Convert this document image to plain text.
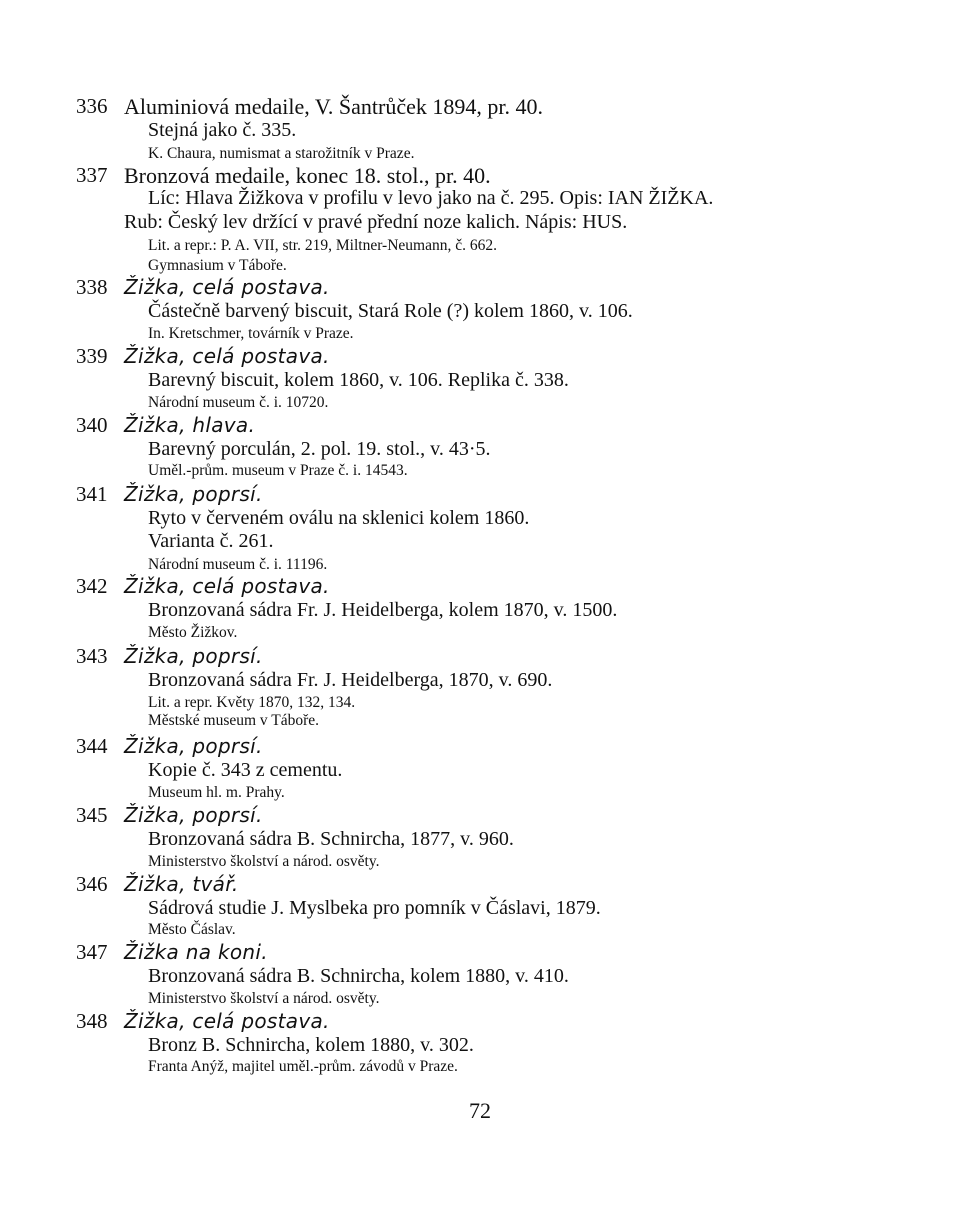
336 Aluminiová medaile, V. Šantrůček 1894, pr. 40.
Stejná jako č. 335.
K. Chaura, numismat a starožitník v Praze.
337 Bronzová medaile, konec 18. stol., pr. 40.
Líc: Hlava Žižkova v profilu v levo jako na č. 295. Opis: IAN ŽIŽKA.
Rub: Český lev držící v pravé přední noze kalich. Nápis: HUS.
Lit. a repr.: P. A. VII, str. 219, Miltner-Neumann, č. 662.
Gymnasium v Táboře.
338 Žižka, celá postava.
Částečně barvený biscuit, Stará Role (?) kolem 1860, v. 106.
In. Kretschmer, továrník v Praze.
339 Žižka, celá postava.
Barevný biscuit, kolem 1860, v. 106. Replika č. 338.
Národní museum č. i. 10720.
340 Žižka, hlava.
Barevný porculán, 2. pol. 19. stol., v. 43·5.
Uměl.-prům. museum v Praze č. i. 14543.
341 Žižka, poprsí.
Ryto v červeném oválu na sklenici kolem 1860.
Varianta č. 261.
Národní museum č. i. 11196.
342 Žižka, celá postava.
Bronzovaná sádra Fr. J. Heidelberga, kolem 1870, v. 1500.
Město Žižkov.
343 Žižka, poprsí.
Bronzovaná sádra Fr. J. Heidelberga, 1870, v. 690.
Lit. a repr. Květy 1870, 132, 134.
Městské museum v Táboře.
344 Žižka, poprsí.
Kopie č. 343 z cementu.
Museum hl. m. Prahy.
345 Žižka, poprsí.
Bronzovaná sádra B. Schnircha, 1877, v. 960.
Ministerstvo školství a národ. osvěty.
346 Žižka, tvář.
Sádrová studie J. Myslbeka pro pomník v Čáslavi, 1879.
Město Čáslav.
347 Žižka na koni.
Bronzovaná sádra B. Schnircha, kolem 1880, v. 410.
Ministerstvo školství a národ. osvěty.
348 Žižka, celá postava.
Bronz B. Schnircha, kolem 1880, v. 302.
Franta Anýž, majitel uměl.-prům. závodů v Praze.
72
